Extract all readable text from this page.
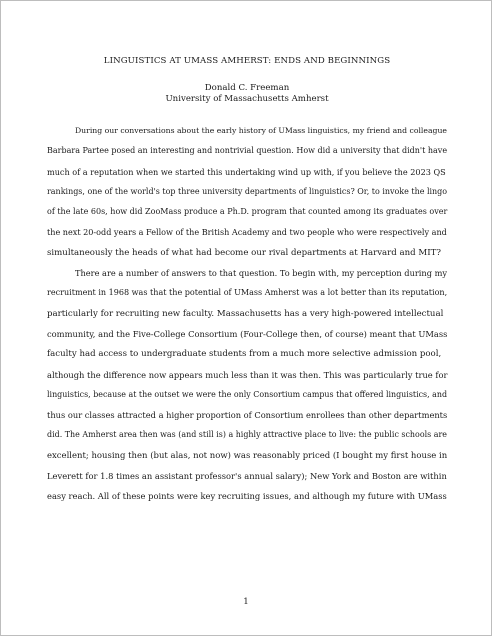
LINGUISTICS AT UMASS AMHERST: ENDS AND BEGINNINGS

Donald C. Freeman

University of Massachusetts Amherst

During our conversations about the early history of UMass linguistics, my friend and colleague
Barbara Partee posed an interesting and nontrivial question. How did a university that didn't have
much of a reputation when we started this undertaking wind up with, if you believe the 2023 QS
rankings, one of the world's top three university departments of linguistics? Or, to invoke the lingo
of the late 60s, how did ZooMass produce a Ph.D. program that counted among its graduates over
the next 20-odd years a Fellow of the British Academy and two people who were respectively and
simultaneously the heads of what had become our rival departments at Harvard and MIT?

There are a number of answers to that question. To begin with, my perception during my
recruitment in 1968 was that the potential of UMass Amherst was a lot better than its reputation,
particularly for recruiting new faculty. Massachusetts has a very high-powered intellectual
community, and the Five-College Consortium (Four-College then, of course) meant that UMass
faculty had access to undergraduate students from a much more selective admission pool,
although the difference now appears much less than it was then. This was particularly true for
linguistics, because at the outset we were the only Consortium campus that offered linguistics, and
thus our classes attracted a higher proportion of Consortium enrollees than other departments
did. The Amherst area then was (and still is) a highly attractive place to live: the public schools are
excellent; housing then (but alas, not now) was reasonably priced (I bought my first house in
Leverett for 1.8 times an assistant professor's annual salary); New York and Boston are within
easy reach. All of these points were key recruiting issues, and although my future with UMass

1
